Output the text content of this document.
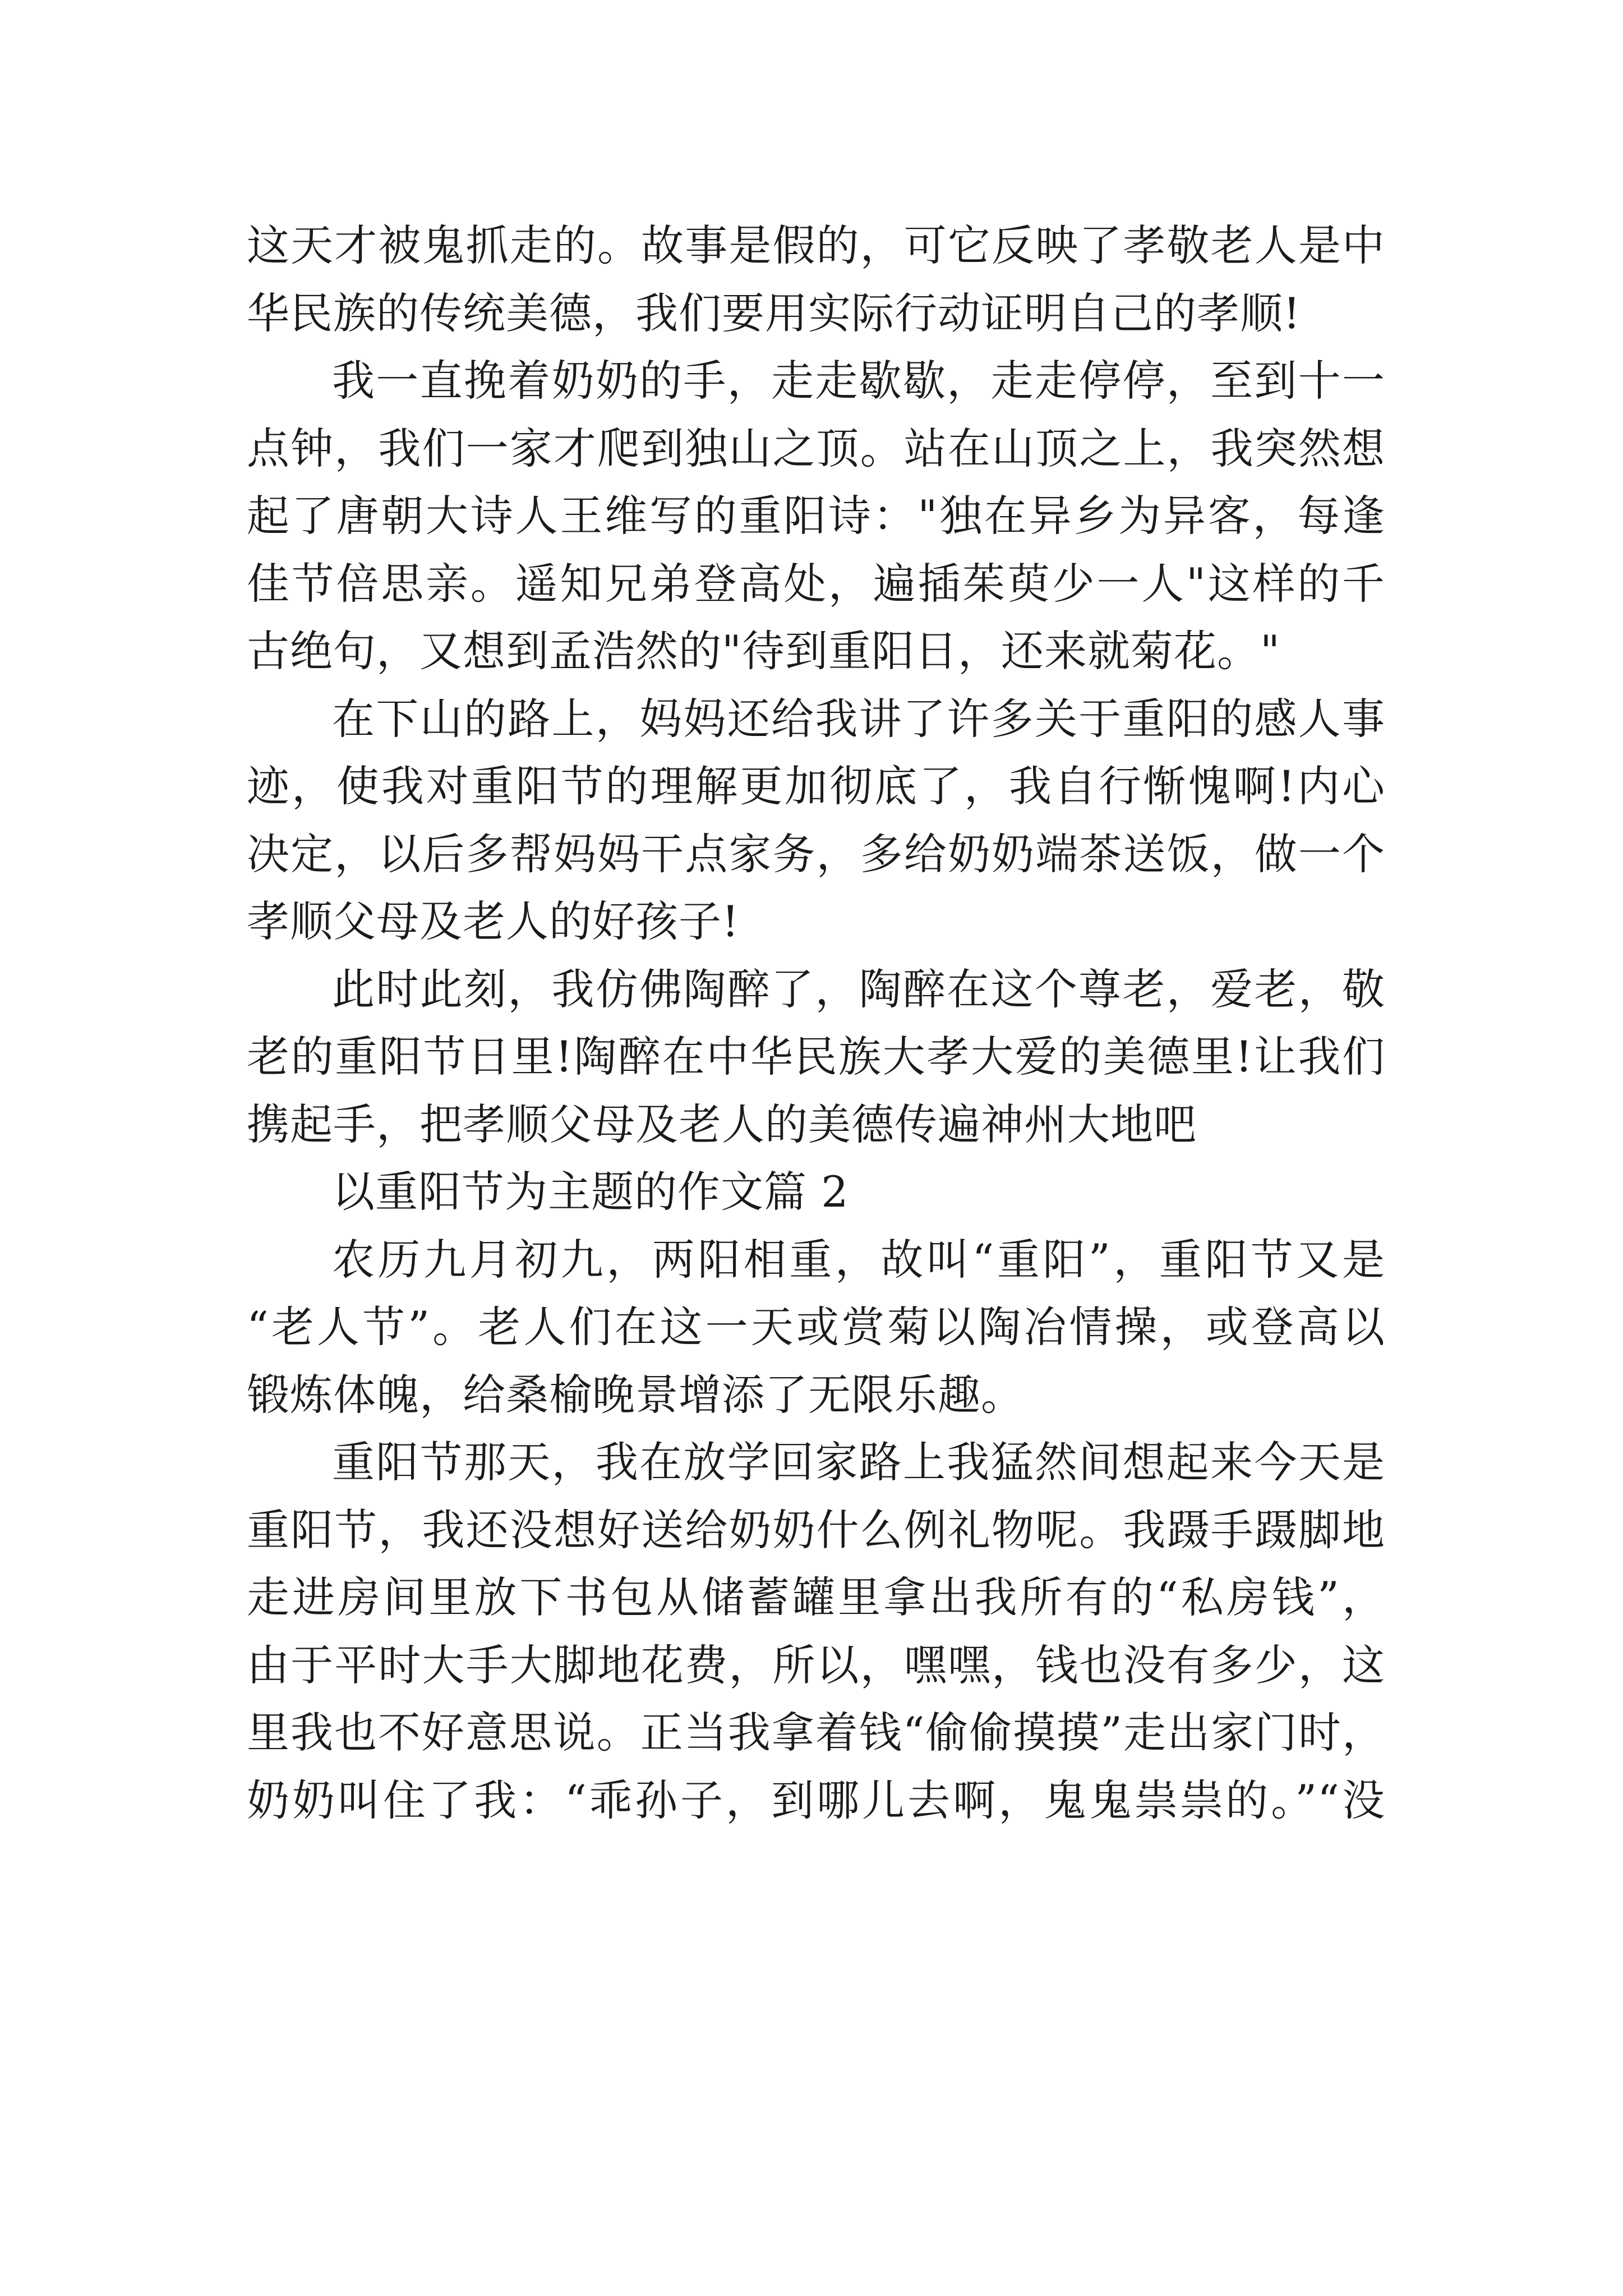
这天才被鬼抓走的。故事是假的，可它反映了孝敬老人是中
华民族的传统美德，我们要用实际行动证明自己的孝顺!
我一直挽着奶奶的手，走走歇歇，走走停停，至到十一
点钟，我们一家才爬到独山之顶。站在山顶之上，我突然想
起了唐朝大诗人王维写的重阳诗："独在异乡为异客，每逢
佳节倍思亲。遥知兄弟登高处，遍插茱萸少一人"这样的千
古绝句，又想到孟浩然的"待到重阳日，还来就菊花。"
在下山的路上，妈妈还给我讲了许多关于重阳的感人事
迹，使我对重阳节的理解更加彻底了，我自行惭愧啊!内心
决定，以后多帮妈妈干点家务，多给奶奶端茶送饭，做一个
孝顺父母及老人的好孩子!
此时此刻，我仿佛陶醉了，陶醉在这个尊老，爱老，敬
老的重阳节日里!陶醉在中华民族大孝大爱的美德里!让我们
携起手，把孝顺父母及老人的美德传遍神州大地吧
以重阳节为主题的作文篇 2
农历九月初九，两阳相重，故叫“重阳”，重阳节又是
“老人节”。老人们在这一天或赏菊以陶冶情操，或登高以
锻炼体魄，给桑榆晚景增添了无限乐趣。
重阳节那天，我在放学回家路上我猛然间想起来今天是
重阳节，我还没想好送给奶奶什么例礼物呢。我蹑手蹑脚地
走进房间里放下书包从储蓄罐里拿出我所有的“私房钱”，
由于平时大手大脚地花费，所以，嘿嘿，钱也没有多少，这
里我也不好意思说。正当我拿着钱“偷偷摸摸”走出家门时，
奶奶叫住了我：“乖孙子，到哪儿去啊，鬼鬼祟祟的。”“没
